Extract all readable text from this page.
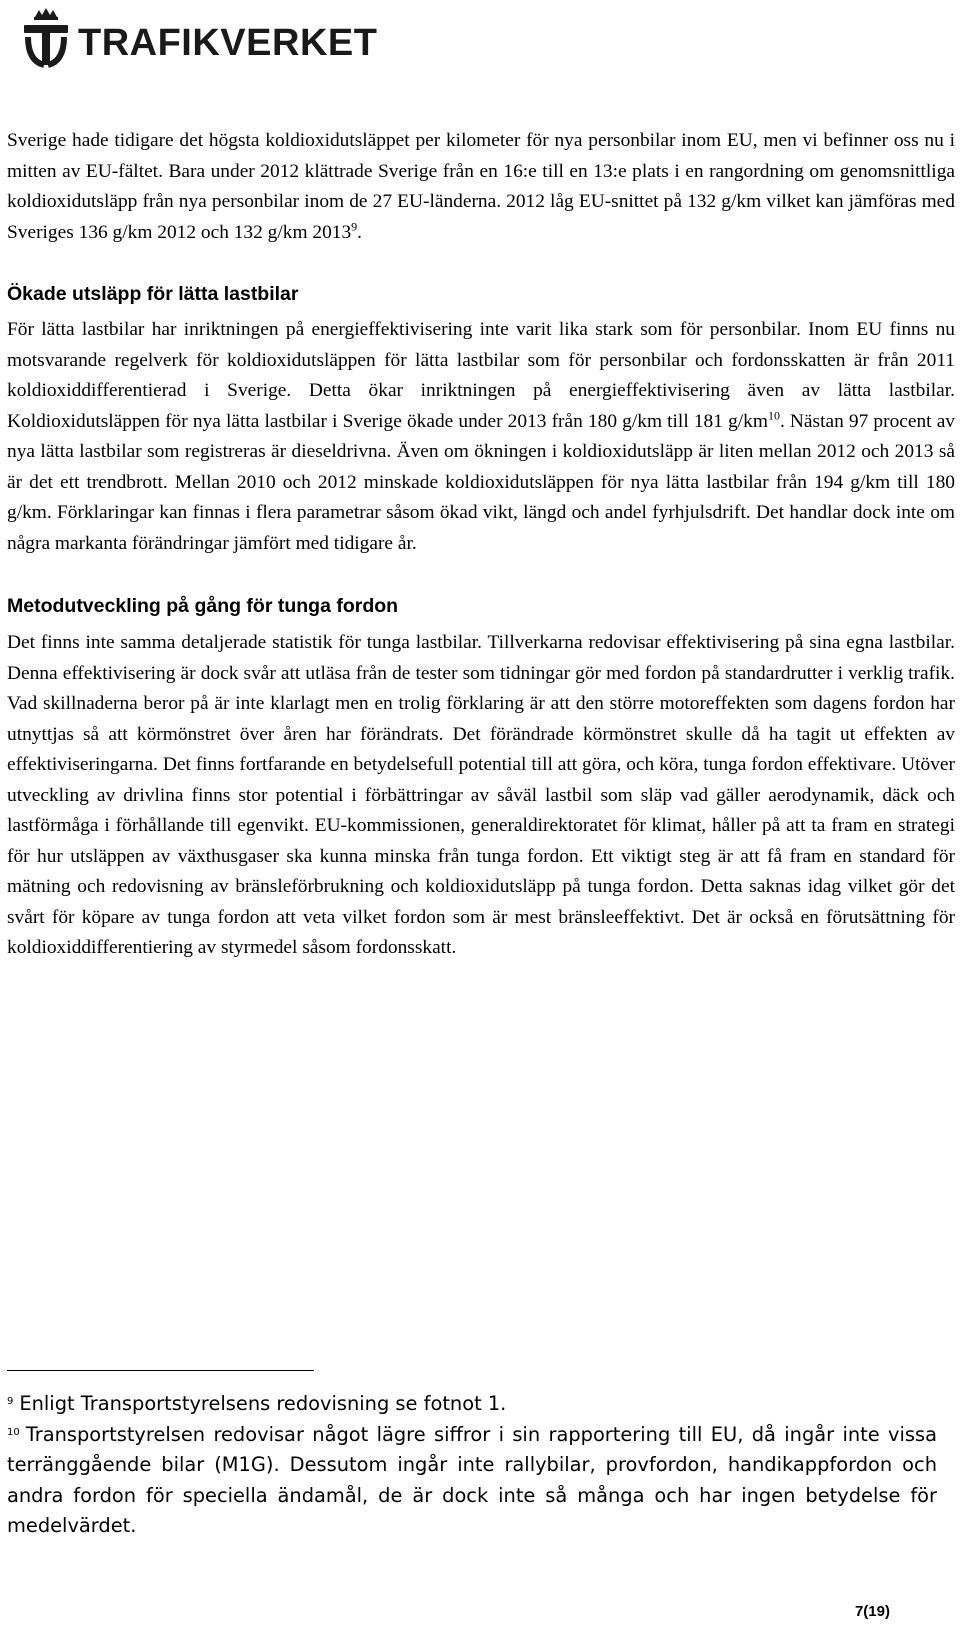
TRAFIKVERKET

Sverige hade tidigare det högsta koldioxidutsläppet per kilometer för nya personbilar inom EU, men vi befinner oss nu i mitten av EU-fältet. Bara under 2012 klättrade Sverige från en 16:e till en 13:e plats i en rangordning om genomsnittliga koldioxidutsläpp från nya personbilar inom de 27 EU-länderna. 2012 låg EU-snittet på 132 g/km vilket kan jämföras med Sveriges 136 g/km 2012 och 132 g/km 2013$^9$.

Ökade utsläpp för lätta lastbilar

För lätta lastbilar har inriktningen på energieffektivisering inte varit lika stark som för personbilar. Inom EU finns nu motsvarande regelverk för koldioxidutsläppen för lätta lastbilar som för personbilar och fordonsskatten är från 2011 koldioxiddifferentierad i Sverige. Detta ökar inriktningen på energieffektivisering även av lätta lastbilar. Koldioxidutsläppen för nya lätta lastbilar i Sverige ökade under 2013 från 180 g/km till 181 $g/km^{10}$. Nästan 97 procent av nya lätta lastbilar som registreras är dieseldrivna. Även om ökningen i koldioxidutsläpp är liten mellan 2012 och 2013 så är det ett trendbrott. Mellan 2010 och 2012 minskade koldioxidutsläppen för nya lätta lastbilar från 194 g/km till 180 g/km. Förklaringar kan finnas i flera parametrar såsom ökad vikt, längd och andel fyrhjulsdrift. Det handlar dock inte om några markanta förändringar jämfört med tidigare år.

Metodutveckling på gång för tunga fordon

Det finns inte samma detaljerade statistik för tunga lastbilar. Tillverkarna redovisar effektivisering på sina egna lastbilar. Denna effektivisering är dock svår att utläsa från de tester som tidningar gör med fordon på standardrutter i verklig trafik. Vad skillnaderna beror på är inte klarlagt men en trolig förklaring är att den större motoreffekten som dagens fordon har utnyttjas så att körmönstret över åren har förändrats. Det förändrade körmönstret skulle då ha tagit ut effekten av effektiviseringarna. Det finns fortfarande en betydelsefull potential till att göra, och köra, tunga fordon effektivare. Utöver utveckling av drivlina finns stor potential i förbättringar av såväl lastbil som släp vad gäller aerodynamik, däck och lastförmåga i förhållande till egenvikt. EU-kommissionen, generaldirektoratet för klimat, håller på att ta fram en strategi för hur utsläppen av växthusgaser ska kunna minska från tunga fordon. Ett viktigt steg är att få fram en standard för mätning och redovisning av bränsleförbrukning och koldioxidutsläpp på tunga fordon. Detta saknas idag vilket gör det svårt för köpare av tunga fordon att veta vilket fordon som är mest bränsleeffektivt. Det är också en förutsättning för koldioxiddifferentiering av styrmedel såsom fordonsskatt.

$^9$ Enligt Transportstyrelsens redovisning se fotnot 1.

$^{10}$ Transportstyrelsen redovisar något lägre siffror i sin rapportering till EU, då ingår inte vissa terränggående bilar (M1G). Dessutom ingår inte rallybilar, provfordon, handikappfordon och andra fordon för speciella ändamål, de är dock inte så många och har ingen betydelse för medelvärdet.

7(19)
